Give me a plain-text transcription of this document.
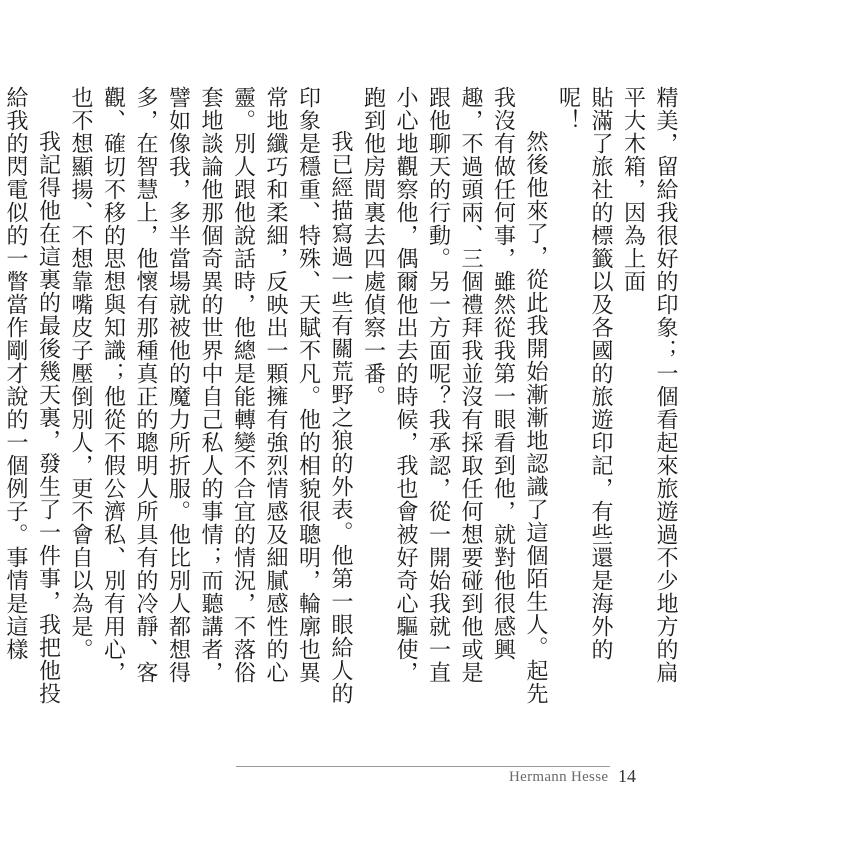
精美，留給我很好的印象；一個看起來旅遊過不少地方的扁平大木箱，因為上面

貼滿了旅社的標籤以及各國的旅遊印記，有些還是海外的呢！

然後他來了，從此我開始漸漸地認識了這個陌生人。起先我沒有做任何事，雖然從我第一眼看到他，就對他很感興趣，不過頭兩、三個禮拜我並沒有採取任何想要碰到他或是跟他聊天的行動。另一方面呢？我承認，從一開始我就一直小心地觀察他，偶爾他出去的時候，我也會被好奇心驅使，跑到他房間裏去四處偵察一番。

我已經描寫過一些有關荒野之狼的外表。他第一眼給人的印象是穩重、特殊、天賦不凡。他的相貌很聰明，輪廓也異常地纖巧和柔細，反映出一顆擁有強烈情感及細膩感性的心靈。別人跟他說話時，他總是能轉變不合宜的情況，不落俗套地談論他那個奇異的世界中自己私人的事情；而聽講者，譬如像我，多半當場就被他的魔力所折服。他比別人都想得多，在智慧上，他懷有那種真正的聰明人所具有的冷靜、客觀、確切不移的思想與知識；他從不假公濟私、別有用心，也不想顯揚、不想靠嘴皮子壓倒別人，更不會自以為是。

我記得他在這裏的最後幾天裏，發生了一件事，我把他投給我的閃電似的一瞥當作剛才說的一個例子。事情是這樣

Hermann Hesse 14
